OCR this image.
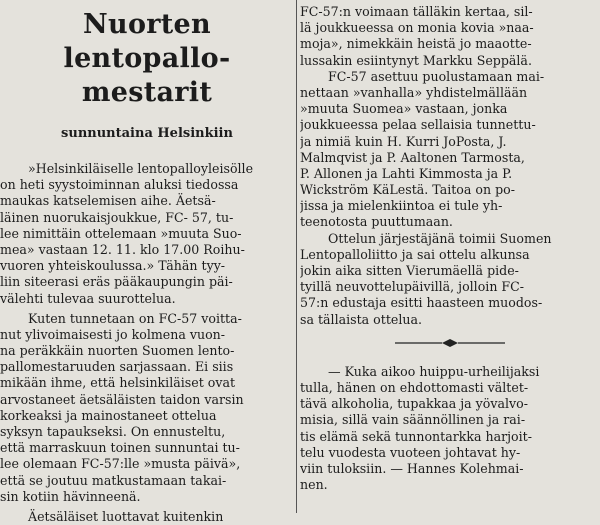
Nuorten lentopallo-
mestarit
sunnuntaina Helsinkiin
»Helsinkiläiselle lentopalloyleisölle
on heti syystoiminnan aluksi tiedossa
maukas katselemisen aihe. Äetsä-
läinen nuorukaisjoukkue, FC- 57, tu-
lee nimittäin ottelemaan »muuta Suo-
mea» vastaan 12. 11. klo 17.00 Roihu-
vuoren yhteiskoulussa.» Tähän tyy-
liin siteerasi eräs pääkaupungin päi-
välehti tulevaa suurottelua.
Kuten tunnetaan on FC-57 voitta-
nut ylivoimaisesti jo kolmena vuon-
na peräkkäin nuorten Suomen lento-
pallomestaruuden sarjassaan. Ei siis
mikään ihme, että helsinkiläiset ovat
arvostaneet äetsäläisten taidon varsin
korkeaksi ja mainostaneet ottelua
syksyn tapaukseksi. On ennusteltu,
että marraskuun toinen sunnuntai tu-
lee olemaan FC-57:lle »musta päivä»,
että se joutuu matkustamaan takai-
sin kotiin hävinneenä.
Äetsäläiset luottavat kuitenkin
FC-57:n voimaan tälläkin kertaa, sil-
lä joukkueessa on monia kovia »naa-
moja», nimekkäin heistä jo maaotte-
lussakin esiintynyt Markku Seppälä.
FC-57 asettuu puolustamaan mai-
nettaan »vanhalla» yhdistelmällään
»muuta Suomea» vastaan, jonka
joukkueessa pelaa sellaisia tunnettu-
ja nimiä kuin H. Kurri JoPosta, J.
Malmqvist ja P. Aaltonen Tarmosta,
P. Allonen ja Lahti Kimmosta ja P.
Wickström KäLestä. Taitoa on po-
jissa ja mielenkiintoa ei tule yh-
teenotosta puuttumaan.
Ottelun järjestäjänä toimii Suomen
Lentopalloliitto ja sai ottelu alkunsa
jokin aika sitten Vierumäellä pide-
tyillä neuvottelupäivillä, jolloin FC-
57:n edustaja esitti haasteen muodos-
sa tällaista ottelua.
— Kuka aikoo huippu-urheilijaksi
tulla, hänen on ehdottomasti vältet-
tävä alkoholia, tupakkaa ja yövalvo-
misia, sillä vain säännöllinen ja rai-
tis elämä sekä tunnontarkka harjoit-
telu vuodesta vuoteen johtavat hy-
viin tuloksiin. — Hannes Kolehmai-
nen.
